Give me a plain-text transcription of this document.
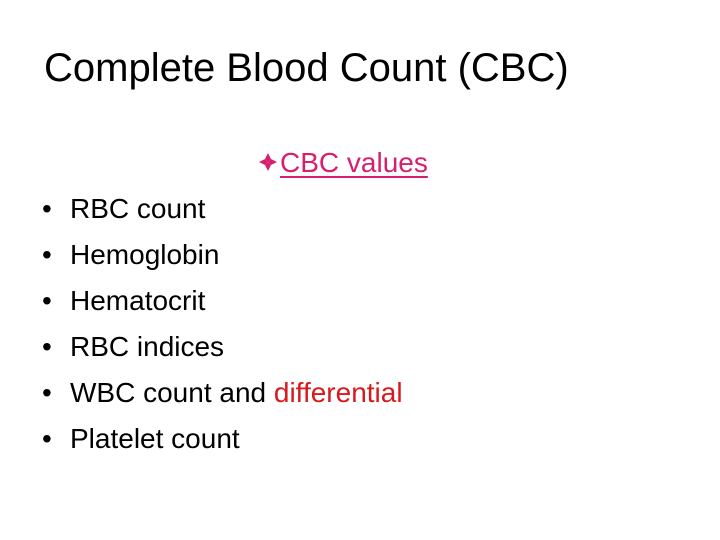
Complete Blood Count (CBC)
CBC values
• RBC count
• Hemoglobin
• Hematocrit
• RBC indices
• WBC count and differential
• Platelet count
